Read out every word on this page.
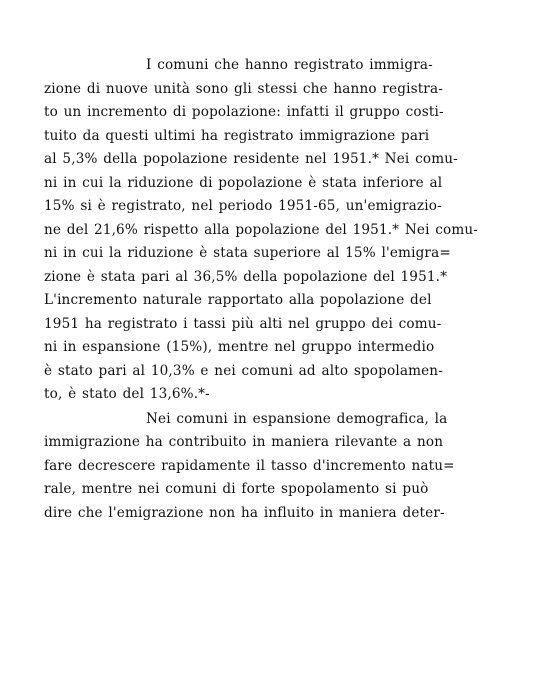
I comuni che hanno registrato immigra-
zione di nuove unità sono gli stessi che hanno registra-
to un incremento di popolazione: infatti il gruppo costi-
tuito da questi ultimi ha registrato immigrazione pari
al 5,3% della popolazione residente nel 1951.* Nei comu-
ni in cui la riduzione di popolazione è stata inferiore al
15% si è registrato, nel periodo 1951-65, un'emigrazio-
ne del 21,6% rispetto alla popolazione del 1951.* Nei comu-
ni in cui la riduzione è stata superiore al 15% l'emigra=
zione è stata pari al 36,5% della popolazione del 1951.*
L'incremento naturale rapportato alla popolazione del
1951 ha registrato i tassi più alti nel gruppo dei comu-
ni in espansione (15%), mentre nel gruppo intermedio
è stato pari al 10,3% e nei comuni ad alto spopolamen-
to, è stato del 13,6%.*-
Nei comuni in espansione demografica, la
immigrazione ha contribuito in maniera rilevante a non
fare decrescere rapidamente il tasso d'incremento natu=
rale, mentre nei comuni di forte spopolamento si può
dire che l'emigrazione non ha influito in maniera deter-
